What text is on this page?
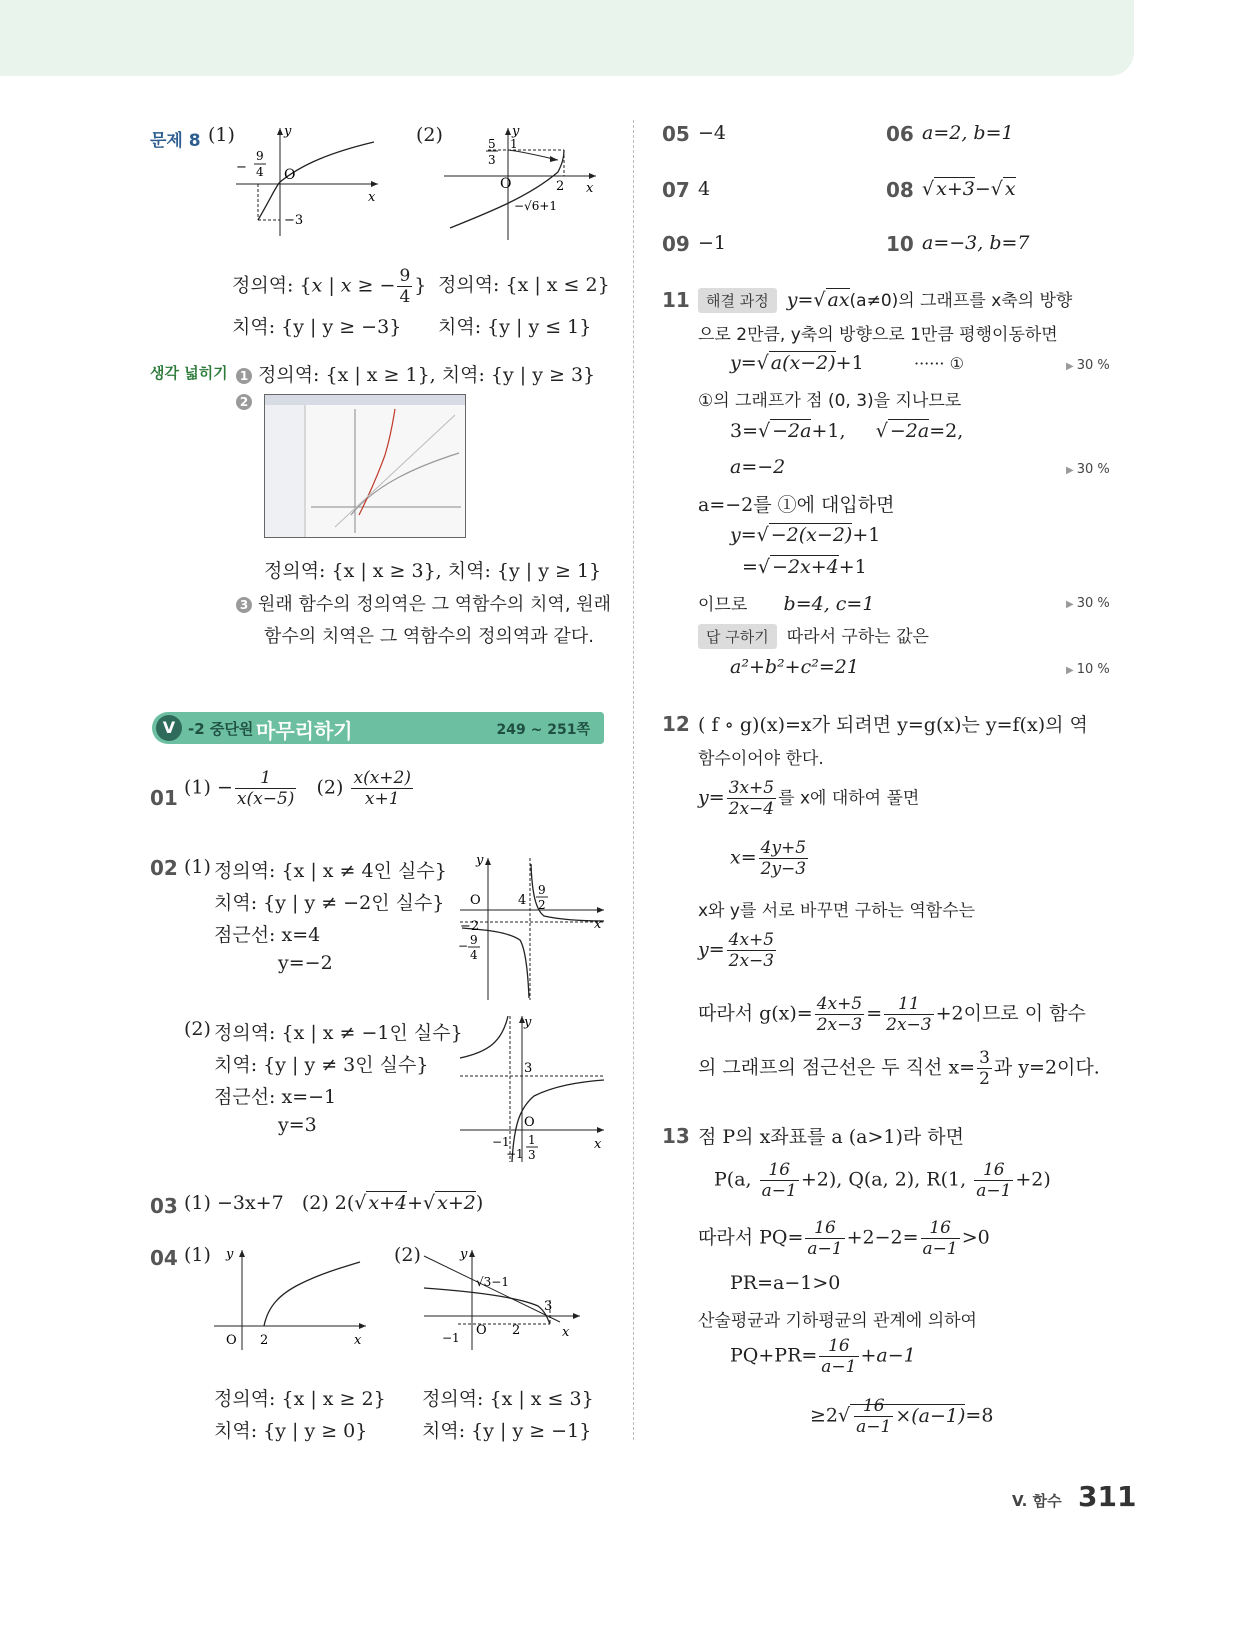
문제 8 (1)	(2)
y
x
O
−
9
4
−3
y
x
O
5
3
1
2
−√6+1
정의역: {x | x ≥ − $\frac{9}{4}$ }
치역: {y | y ≥ −3}
정의역: {x | x ≤ 2}
치역: {y | y ≤ 1}
생각 넓히기	1 정의역: {x | x ≥ 1}, 치역: {y | y ≥ 3}
2
정의역: {x | x ≥ 3}, 치역: {y | y ≥ 1}
3 원래 함수의 정의역은 그 역함수의 치역, 원래
함수의 치역은 그 역함수의 정의역과 같다.
V -2 중단원 마무리하기	249 ~ 251쪽
01 $(1) - \frac{1}{x(x-5)} (2) \frac{x(x+2)}{x+1}$
02 (1) 정의역: {x | x ≠ 4인 실수}
치역: {y | y ≠ −2인 실수}
점근선: x=4
y=−2
y
x
O	4
9
2
−2
− 9
4
(2) 정의역: {x | x ≠ −1인 실수}
치역: {y | y ≠ 3인 실수}
점근선: x=−1
y=3
y
x
O
3
−1
−1
1
3
03 (1) −3x+7 (2) 2(√ x+4+√ x+2)
04 (1)	(2)
y
x
O 2
y
x
O 2
3
−1
√3−1
정의역: {x | x ≥ 2}
치역: {y | y ≥ 0}
정의역: {x | x ≤ 3}
치역: {y | y ≥ −1}
05 −4	06 a=2, b=1
07 4	08 √ x+3−√ x
09 −1	10 a=−3, b=7
11	해결 과정 y=√ ax(a≠0)의 그래프를 x축의 방향
으로 2만큼, y축의 방향으로 1만큼 평행이동하면
y=√ a(x−2)+1	······ ①	▶ 30 %
①의 그래프가 점 (0, 3)을 지나므로
3=√ −2a+1,     √ −2a=2,
a=−2	▶ 30 %
a=−2를 ①에 대입하면
y=√ −2(x−2)+1
=√ −2x+4+1
이므로 b=4, c=1	▶ 30 %
답 구하기 따라서 구하는 값은
a²+b²+c²=21	▶ 10 %
12 ( f ∘ g)(x)=x가 되려면 y=g(x)는 y=f(x)의 역
함수이어야 한다.
$y= \frac{3x+5}{2x-4}$ 를 x에 대하여 풀면
$x= \frac{4y+5}{2y-3}$
x와 y를 서로 바꾸면 구하는 역함수는
$y= \frac{4x+5}{2x-3}$
따라서 $g(x)= \frac{4x+5}{2x-3} = \frac{11}{2x-3} +2$이므로 이 함수
의 그래프의 점근선은 두 직선 $x= \frac{3}{2}$ 과 y=2이다.
13 점 P의 x좌표를 a (a>1)라 하면
P(a, $\frac{16}{a-1} +2$), Q(a, 2), R(1, $\frac{16}{a-1} +2$)
따라서 $PQ= \frac{16}{a-1} +2-2= \frac{16}{a-1} >0$
PR=a−1>0
산술평균과 기하평균의 관계에 의하여
$PQ+PR= \frac{16}{a-1} +a-1$
$\ge 2√ \frac{16}{a-1} \times(a-1)=8$
V. 함수 311
